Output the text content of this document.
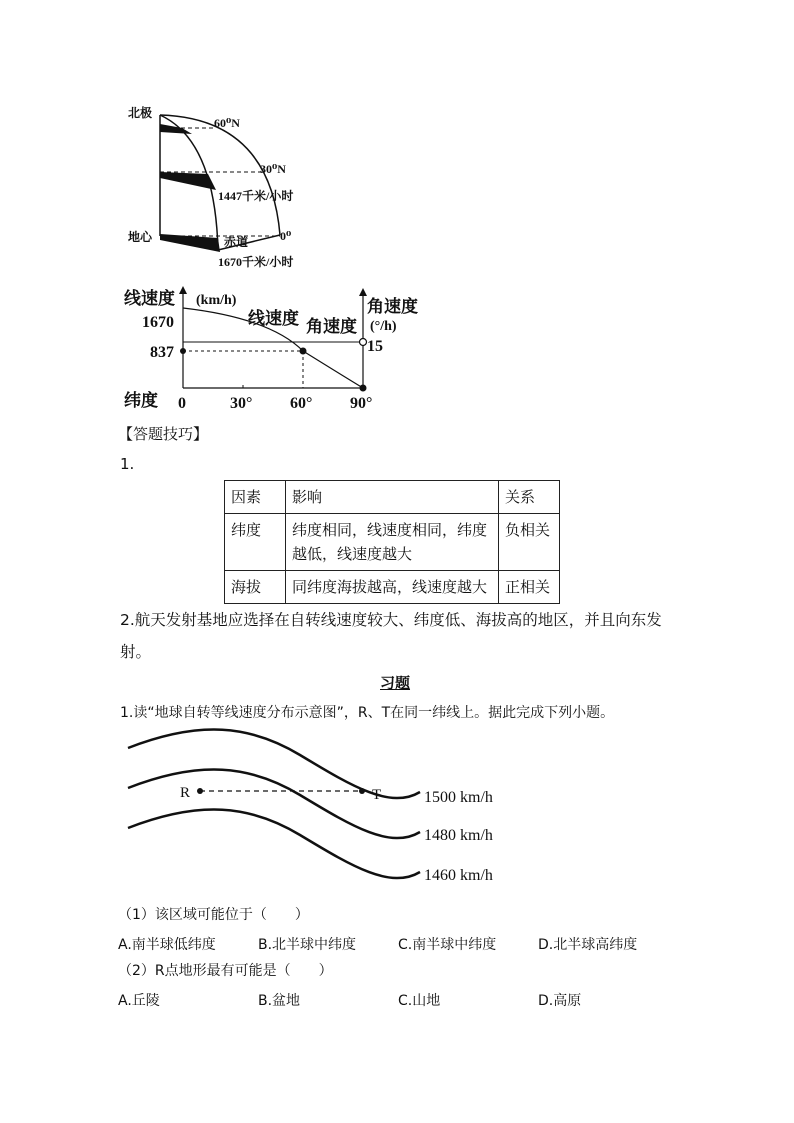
北极
60⁰N
30⁰N
1447千米/小时
地心	赤道	0⁰
1670千米/小时
线速度 (km/h)
1670
837
线速度 角速度
角速度
(°/h)
15
纬度 0	30° 60° 90°
【答题技巧】
1.
因素	影响	关系
纬度	纬度相同，线速度相同，纬度越低，线速度越大	负相关
海拔	同纬度海拔越高，线速度越大	正相关
2.航天发射基地应选择在自转线速度较大、纬度低、海拔高的地区，并且向东发
射。
习题
1.读“地球自转等线速度分布示意图”，R、T在同一纬线上。据此完成下列小题。
R	T	1500 km/h
1480 km/h
1460 km/h
（1）该区域可能位于（　　）
A.南半球低纬度	B.北半球中纬度	C.南半球中纬度	D.北半球高纬度
（2）R点地形最有可能是（　　）
A.丘陵	B.盆地	C.山地	D.高原
